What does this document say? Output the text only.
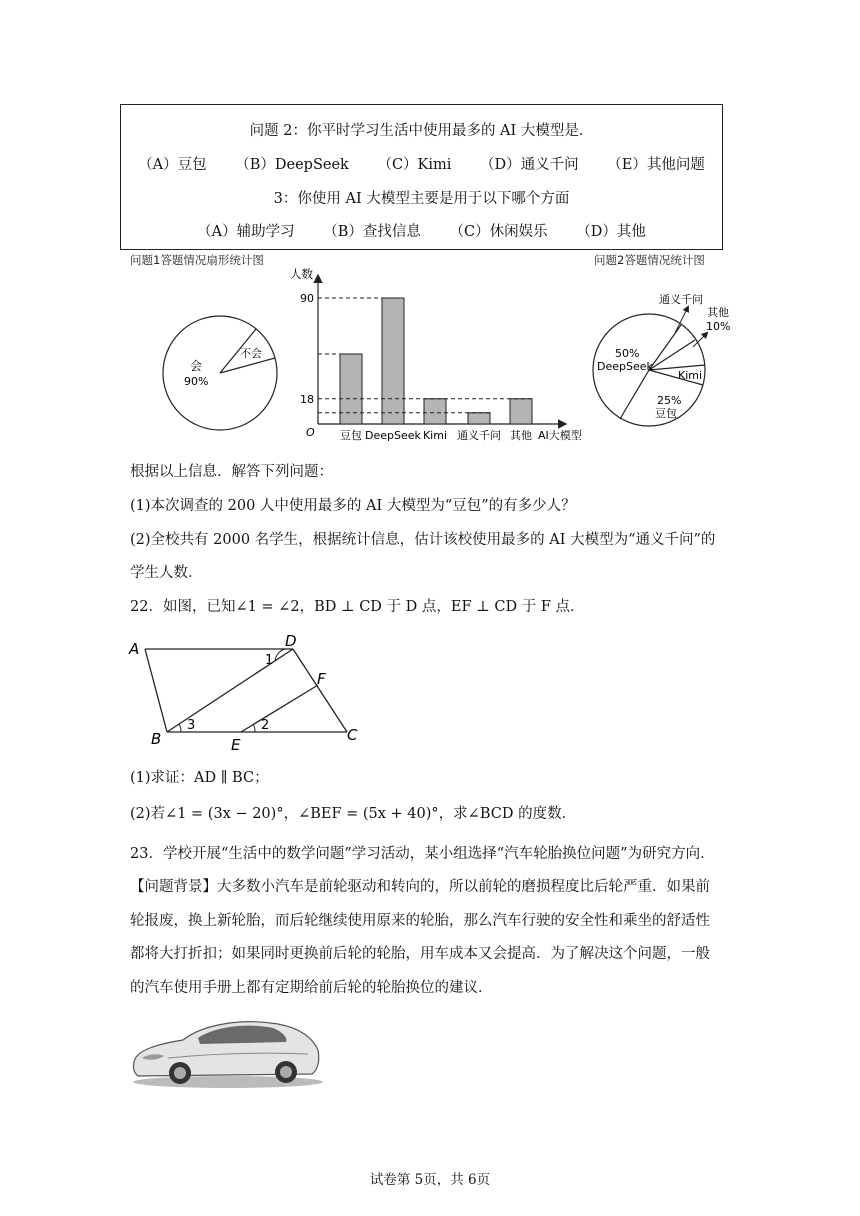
问题 2：你平时学习生活中使用最多的 AI 大模型是．
（A）豆包 （B）DeepSeek （C）Kimi （D）通义千问 （E）其他问题
3：你使用 AI 大模型主要是用于以下哪个方面
（A）辅助学习 （B）查找信息 （C）休闲娱乐 （D）其他
问题1答题情况扇形统计图	问题2答题情况统计图
不会
会
90%
人数
O	AI大模型
豆包 DeepSeek Kimi 通义千问 其他
90
18
通义千问
其他
10%
50%
DeepSeek
Kimi
25%
豆包
根据以上信息．解答下列问题：
(1)本次调查的 200 人中使用最多的 AI 大模型为“豆包”的有多少人？
(2)全校共有 2000 名学生，根据统计信息，估计该校使用最多的 AI 大模型为“通义千问”的
学生人数．
22．如图，已知∠1 = ∠2，BD ⊥ CD 于 D 点，EF ⊥ CD 于 F 点．
A	D
F
B	E
C
1
3	2
(1)求证：AD ∥ BC；
(2)若∠1 = (3x − 20)°，∠BEF = (5x + 40)°，求∠BCD 的度数．
23．学校开展“生活中的数学问题”学习活动，某小组选择“汽车轮胎换位问题”为研究方向．
【问题背景】大多数小汽车是前轮驱动和转向的，所以前轮的磨损程度比后轮严重．如果前
轮报废，换上新轮胎，而后轮继续使用原来的轮胎，那么汽车行驶的安全性和乘坐的舒适性
都将大打折扣；如果同时更换前后轮的轮胎，用车成本又会提高．为了解决这个问题，一般
的汽车使用手册上都有定期给前后轮的轮胎换位的建议．
试卷第 5页，共 6页
